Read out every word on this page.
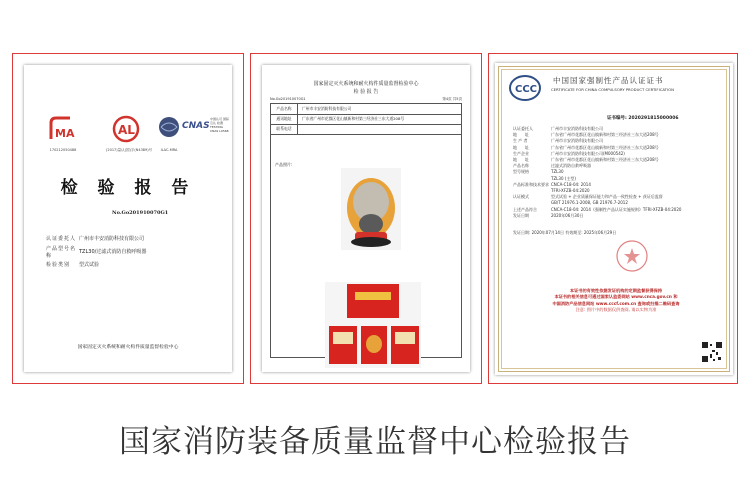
MA
170212050488
AL
(2017)量认(国)字(N4389)号	ILAC-MRA
CNAS
中国认可 国际互认 检测 TESTING CNAS L0568
检 验 报 告
No.Go201910070G1
认证委托人 广州市丰安消防科技有限公司
产品型号名称
TZL30/过滤式消防自救呼吸器
检验类别	型式试验
国家固定灭火系统和耐火构件质量监督检验中心
国家固定灭火系统和耐火构件质量监督检验中心
检 验 报 告
No.Go201910070G1	第4页 共5页
产品名称	广州市丰安消防科技有限公司
通讯地址	广东省广州市花都区花山镇新和村第三经济社三东大道208号
联系电话
产品照片:
CCC
中国国家强制性产品认证证书
CERTIFICATE FOR CHINA COMPULSORY PRODUCT CERTIFICATION
证书编号: 2020291815000006
认证委托人	广州市丰安消防科技有限公司
地　　址	广东省广州市花都区花山镇新和村第三经济社三东大道208号
生 产 者	广州市丰安消防科技有限公司
地　　址	广东省广州市花都区花山镇新和村第三经济社三东大道208号
生产企业	广州市丰安消防科技有限公司(M000542)
地　　址	广东省广州市花都区花山镇新和村第三经济社三东大道208号
产品名称	过滤式消防自救呼吸器
型号规格	TZL30
TZL30 (主型)
产品标准和技术要求 CNCA-C18-04: 2014
TFRI-XFZB-04:2020
认证模式	型式试验 + 企业质量保证能力和产品一致性检查 + 获证后监督
GB/T 21976.1-2008, GB 21976.7-2012
上述产品符合	CNCA-C18-04: 2014《强制性产品认证实施规则》TFRI-XFZB-04:2020
发证日期	2020年06月30日
发证日期: 2020年07月14日 有效期至: 2025年06月29日
本证书的有效性依据发证机构的定期监督获得保持
本证书的相关信息可通过国家认监委网站 www.cnca.gov.cn 和
中国消防产品信息网站 www.cccf.com.cn 查询或扫描二维码查询
注意: 图片中的数据仅供查阅, 请以实物为准
国家消防装备质量监督中心检验报告
